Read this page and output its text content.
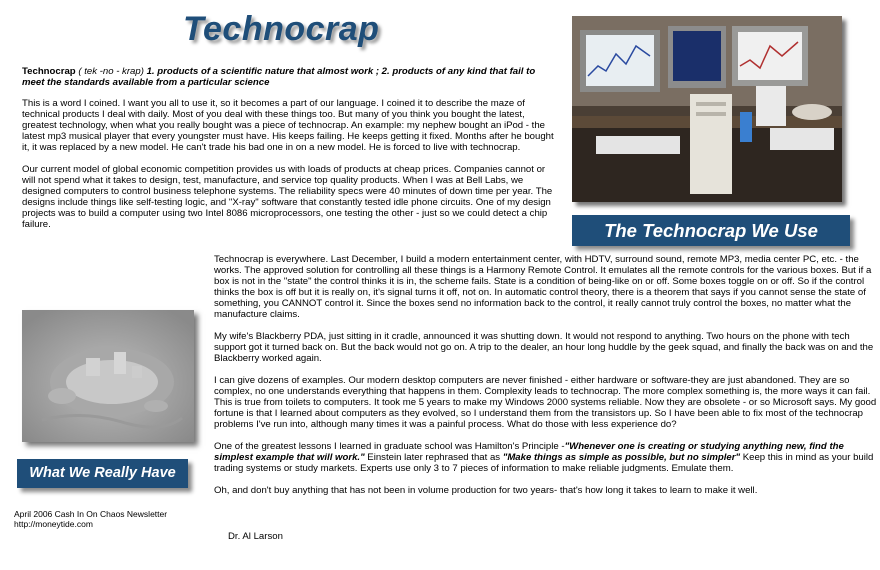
Technocrap
Technocrap ( tek -no - krap) 1. products of a scientific nature that almost work ; 2. products of any kind that fail to meet the standards available from a particular science

This is a word I coined. I want you all to use it, so it becomes a part of our language. I coined it to describe the maze of technical products I deal with daily. Most of you deal with these things too. But many of you think you bought the latest, greatest technology, when what you really bought was a piece of technocrap. An example: my nephew bought an iPod - the latest mp3 musical player that every youngster must have. His keeps failing. He keeps getting it fixed. Months after he bought it, it was replaced by a new model. He can't trade his bad one in on a new model. He is forced to live with technocrap.

Our current model of global economic competition provides us with loads of products at cheap prices. Companies cannot or will not spend what it takes to design, test, manufacture, and service top quality products. When I was at Bell Labs, we designed computers to control business telephone systems. The reliability specs were 40 minutes of down time per year. The designs include things like self-testing logic, and "X-ray" software that constantly tested idle phone circuits. One of my design projects was to build a computer using two Intel 8086 microprocessors, one testing the other - just so we could detect a chip failure.	The Technocrap We Use
What We Really Have

Technocrap is everywhere. Last December, I build a modern entertainment center, with HDTV, surround sound, remote MP3, media center PC, etc. - the works. The approved solution for controlling all these things is a Harmony Remote Control. It emulates all the remote controls for the various boxes. But if a box is not in the "state" the control thinks it is in, the scheme fails. State is a condition of being-like on or off. Some boxes toggle on or off. So if the control thinks the box is off but it is really on, it's signal turns it off, not on. In automatic control theory, there is a theorem that says if you cannot sense the state of something, you CANNOT control it. Since the boxes send no information back to the control, it really cannot truly control the boxes, no matter what the manufacture claims.

My wife's Blackberry PDA, just sitting in it cradle, announced it was shutting down. It would not respond to anything. Two hours on the phone with tech support got it turned back on. But the back would not go on. A trip to the dealer, an hour long huddle by the geek squad, and finally the back was on and the Blackberry worked again.

I can give dozens of examples. Our modern desktop computers are never finished - either hardware or software-they are just abandoned. They are so complex, no one understands everything that happens in them. Complexity leads to technocrap. The more complex something is, the more ways it can fail. This is true from toilets to computers. It took me 5 years to make my Windows 2000 systems reliable. Now they are obsolete - or so Microsoft says. My good fortune is that I learned about computers as they evolved, so I understand them from the transistors up. So I have been able to fix most of the technocrap problems I've run into, although many times it was a painful process. What do those with less experience do?

One of the greatest lessons I learned in graduate school was Hamilton's Principle -"Whenever one is creating or studying anything new, find the simplest example that will work." Einstein later rephrased that as "Make things as simple as possible, but no simpler" Keep this in mind as your build trading systems or study markets. Experts use only 3 to 7 pieces of information to make reliable judgments. Emulate them.

Oh, and don't buy anything that has not been in volume production for two years- that's how long it takes to learn to make it well.

Dr. Al Larson
April 2006 Cash In On Chaos Newsletter
http://moneytide.com
